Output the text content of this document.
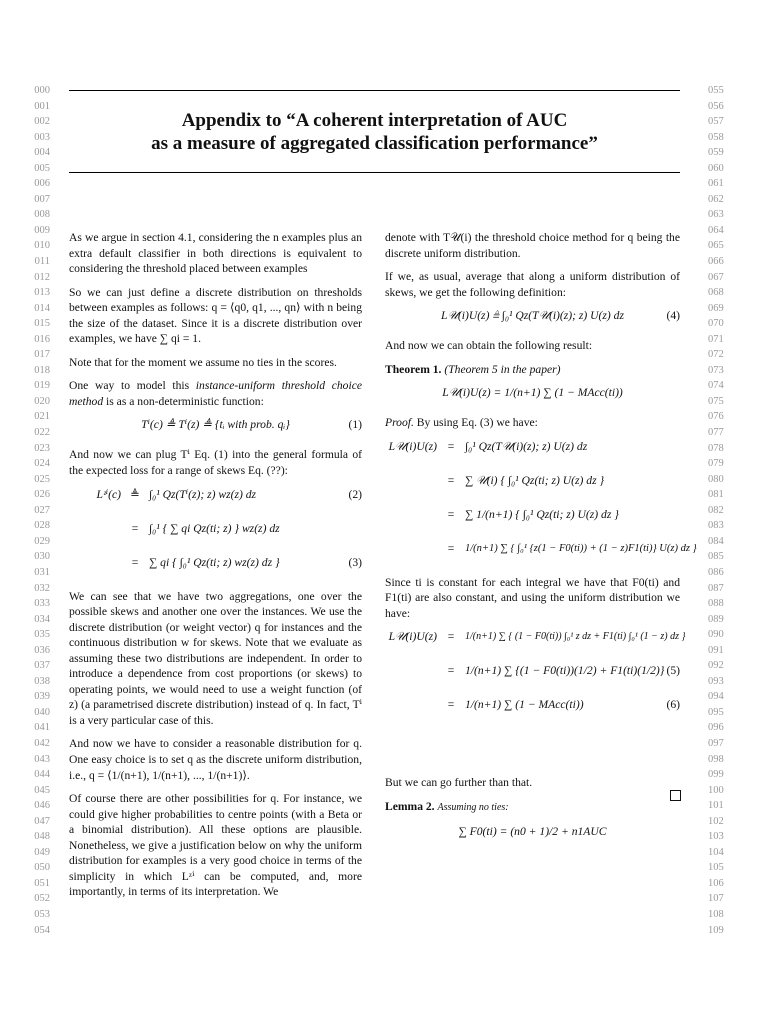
000
001
002
003
004
005
006
007
008
009
010
011
012
013
014
015
016
017
018
019
020
021
022
023
024
025
026
027
028
029
030
031
032
033
034
035
036
037
038
039
040
041
042
043
044
045
046
047
048
049
050
051
052
053
054
055
056
057
058
059
060
061
062
063
064
065
066
067
068
069
070
071
072
073
074
075
076
077
078
079
080
081
082
083
084
085
086
087
088
089
090
091
092
093
094
095
096
097
098
099
100
101
102
103
104
105
106
107
108
109
Appendix to “A coherent interpretation of AUC
as a measure of aggregated classification performance”

As we argue in section 4.1, considering the n examples plus an extra default classifier in both directions is equivalent to considering the threshold placed between examples

So we can just define a discrete distribution on thresholds between examples as follows: q = ⟨q0, q1, ..., qn⟩ with n being the size of the dataset. Since it is a discrete distribution over examples, we have ∑ qi = 1.

Note that for the moment we assume no ties in the scores.

One way to model this instance-uniform threshold choice method is as a non-deterministic function:

Tⁱ(c) ≜ Tⁱ(z) ≜ {tᵢ with prob. qᵢ}	(1)

And now we can plug Tⁱ Eq. (1) into the general formula of the expected loss for a range of skews Eq. (??):

Lᶻⁱ(c) ≜ ∫₀¹ Qz(Tⁱ(z); z) wz(z) dz	(2)
= ∫₀¹ { ∑ qi Qz(ti; z) } wz(z) dz
= ∑ qi { ∫₀¹ Qz(ti; z) wz(z) dz }	(3)

We can see that we have two aggregations, one over the possible skews and another one over the instances. We use the discrete distribution (or weight vector) q for instances and the continuous distribution w for skews. Note that we evaluate as assuming these two distributions are independent. In order to introduce a dependence from cost proportions (or skews) to operating points, we would need to use a weight function (of z) (a parametrised discrete distribution) instead of q. In fact, Tⁱ is a very particular case of this.

And now we have to consider a reasonable distribution for q. One easy choice is to set q as the discrete uniform distribution, i.e., q = ⟨1/(n+1), 1/(n+1), ..., 1/(n+1)⟩.

Of course there are other possibilities for q. For instance, we could give higher probabilities to centre points (with a Beta or a binomial distribution). All these options are plausible. Nonetheless, we give a justification below on why the uniform distribution for examples is a very good choice in terms of the simplicity in which Lᶻⁱ can be computed, and, more importantly, in terms of its interpretation. We

denote with T𝒰(i) the threshold choice method for q being the discrete uniform distribution.

If we, as usual, average that along a uniform distribution of skews, we get the following definition:

L𝒰(i)U(z) ≜ ∫₀¹ Qz(T𝒰(i)(z); z) U(z) dz	(4)

And now we can obtain the following result:

Theorem 1. (Theorem 5 in the paper)

L𝒰(i)U(z) = 1/(n+1) ∑ (1 − MAcc(ti))

Proof. By using Eq. (3) we have:

L𝒰(i)U(z) = ∫₀¹ Qz(T𝒰(i)(z); z) U(z) dz
= ∑ 𝒰(i) { ∫₀¹ Qz(ti; z) U(z) dz }
= ∑ 1/(n+1) { ∫₀¹ Qz(ti; z) U(z) dz }
=	1/(n+1) ∑ { ∫₀¹ {z(1 − F0(ti)) + (1 − z)F1(ti)} U(z) dz }

Since ti is constant for each integral we have that F0(ti) and F1(ti) are also constant, and using the uniform distribution we have:

L𝒰(i)U(z) =	1/(n+1) ∑ { (1 − F0(ti)) ∫₀¹ z dz + F1(ti) ∫₀¹ (1 − z) dz }
= 1/(n+1) ∑ {(1 − F0(ti))(1/2) + F1(ti)(1/2)} (5)
= 1/(n+1) ∑ (1 − MAcc(ti))	(6)

But we can go further than that.

Lemma 2. Assuming no ties:

∑ F0(ti) = (n0 + 1)/2 + n1AUC
